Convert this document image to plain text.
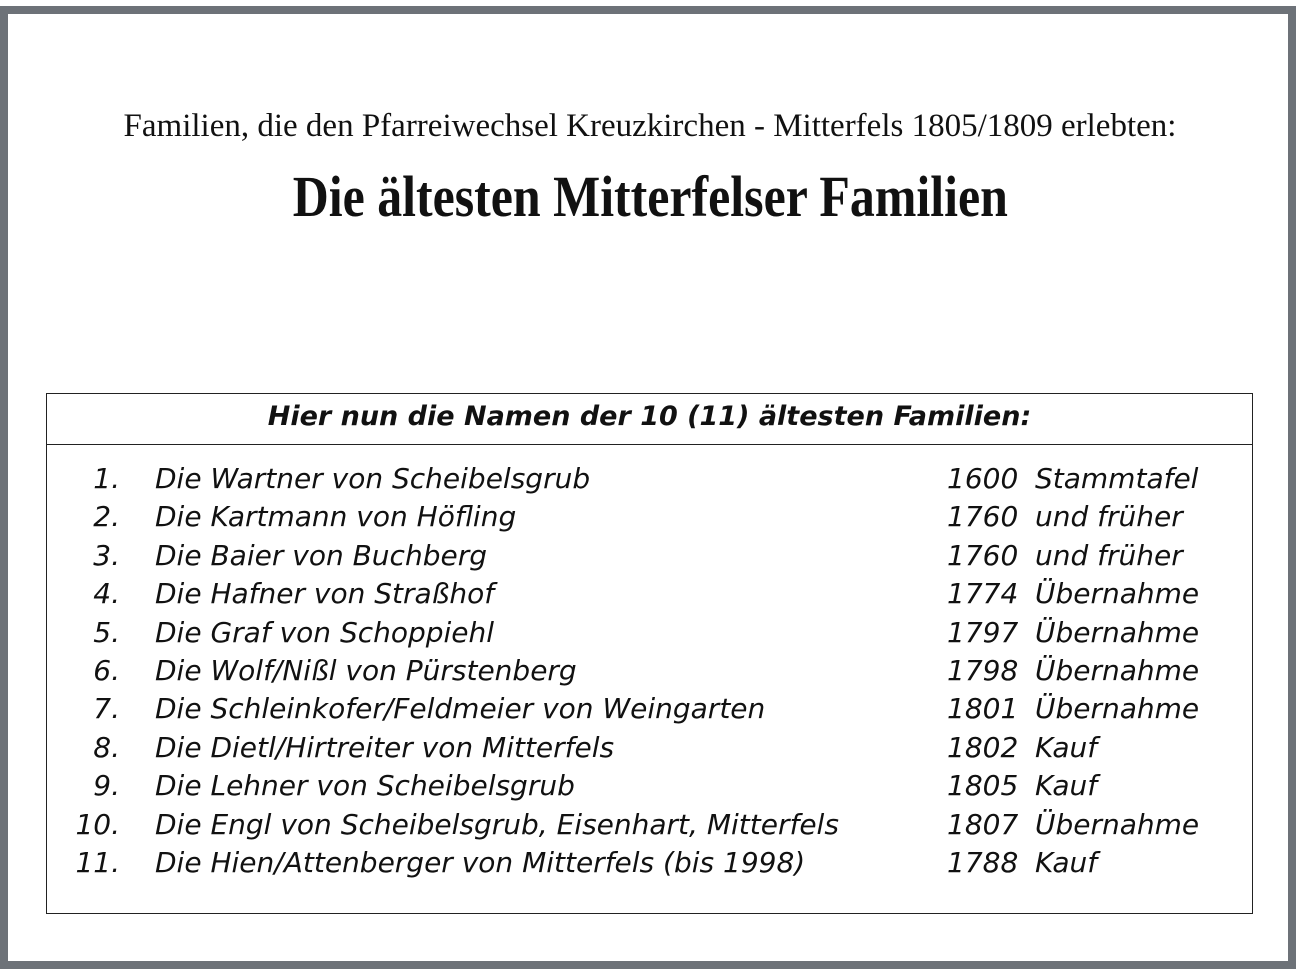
Familien, die den Pfarreiwechsel Kreuzkirchen - Mitterfels 1805/1809 erlebten:
Die ältesten Mitterfelser Familien
Hier nun die Namen der 10 (11) ältesten Familien:
1. Die Wartner von Scheibelsgrub	1600 Stammtafel
2. Die Kartmann von Höfling	1760 und früher
3. Die Baier von Buchberg	1760 und früher
4. Die Hafner von Straßhof	1774 Übernahme
5. Die Graf von Schoppiehl	1797 Übernahme
6. Die Wolf/Nißl von Pürstenberg	1798 Übernahme
7. Die Schleinkofer/Feldmeier von Weingarten	1801 Übernahme
8. Die Dietl/Hirtreiter von Mitterfels	1802 Kauf
9. Die Lehner von Scheibelsgrub	1805 Kauf
10. Die Engl von Scheibelsgrub, Eisenhart, Mitterfels	1807 Übernahme
11. Die Hien/Attenberger von Mitterfels (bis 1998)	1788 Kauf
